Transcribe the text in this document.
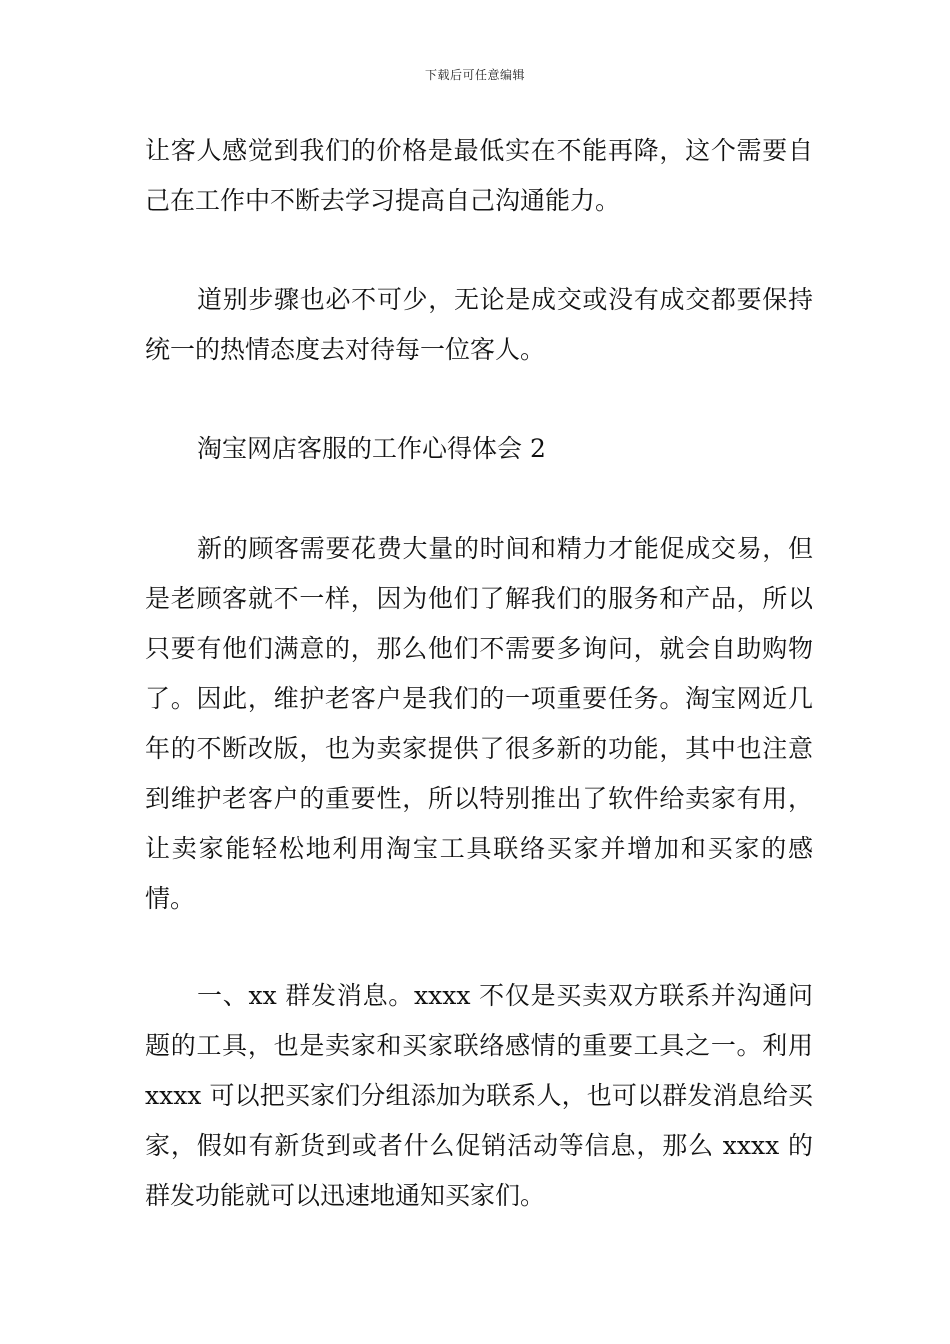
下载后可任意编辑

让客人感觉到我们的价格是最低实在不能再降，这个需要自己在工作中不断去学习提高自己沟通能力。

道别步骤也必不可少，无论是成交或没有成交都要保持统一的热情态度去对待每一位客人。

淘宝网店客服的工作心得体会 2

新的顾客需要花费大量的时间和精力才能促成交易，但是老顾客就不一样，因为他们了解我们的服务和产品，所以只要有他们满意的，那么他们不需要多询问，就会自助购物了。因此，维护老客户是我们的一项重要任务。淘宝网近几年的不断改版，也为卖家提供了很多新的功能，其中也注意到维护老客户的重要性，所以特别推出了软件给卖家有用，让卖家能轻松地利用淘宝工具联络买家并增加和买家的感情。

一、xx 群发消息。xxxx 不仅是买卖双方联系并沟通问题的工具，也是卖家和买家联络感情的重要工具之一。利用 xxxx 可以把买家们分组添加为联系人，也可以群发消息给买家，假如有新货到或者什么促销活动等信息，那么 xxxx 的群发功能就可以迅速地通知买家们。
